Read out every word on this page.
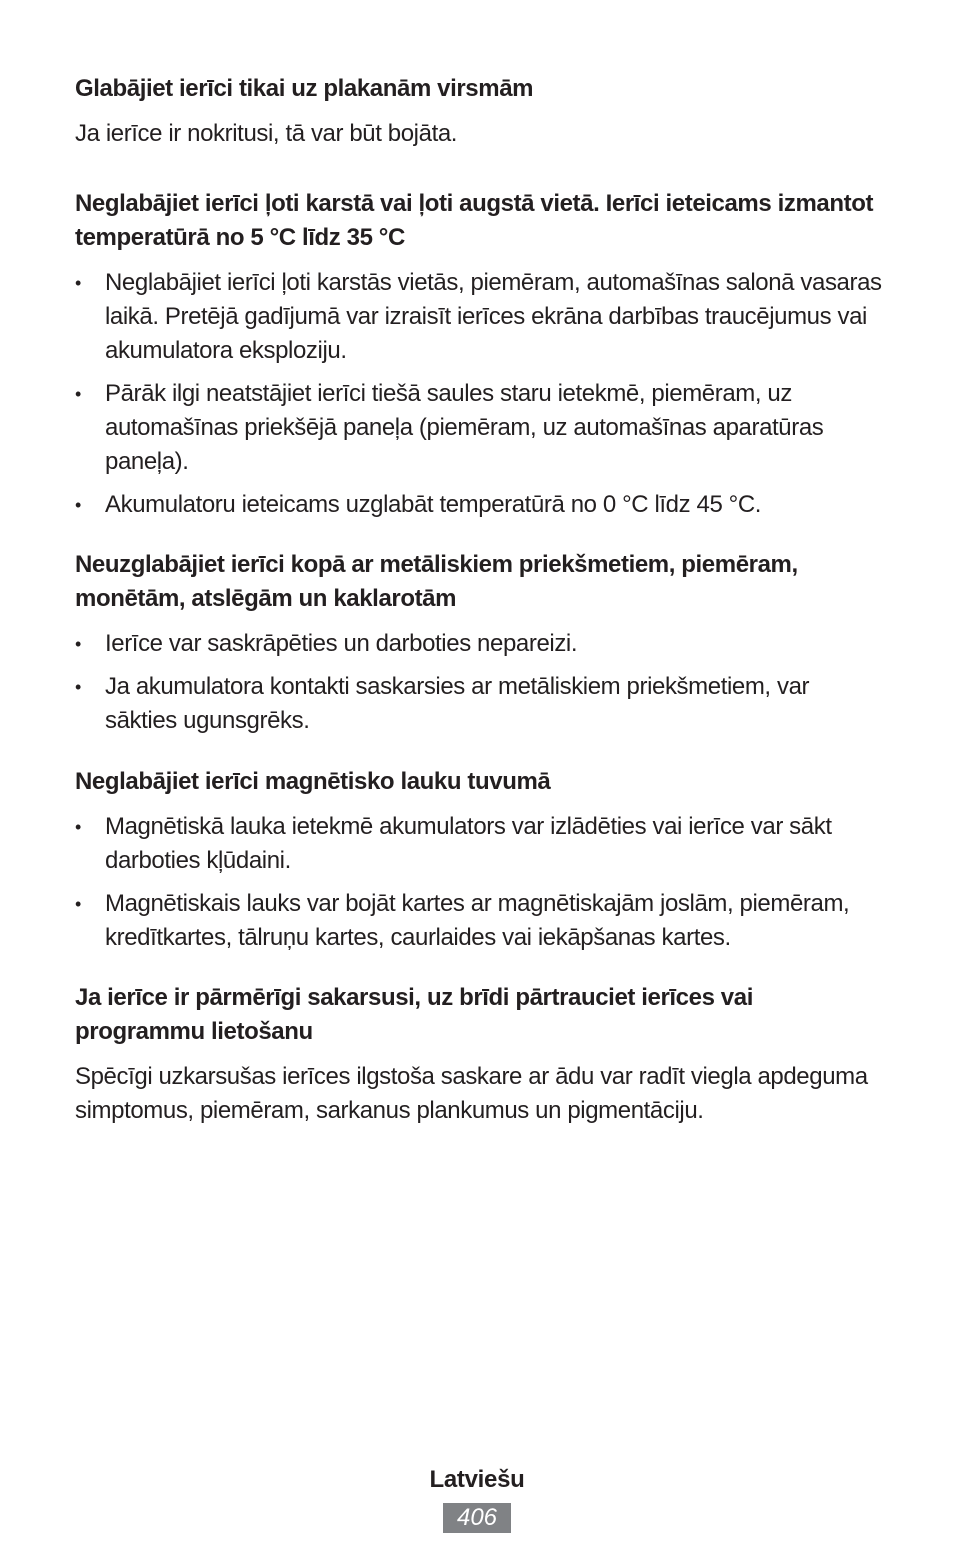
Glabājiet ierīci tikai uz plakanām virsmām

Ja ierīce ir nokritusi, tā var būt bojāta.

Neglabājiet ierīci ļoti karstā vai ļoti augstā vietā. Ierīci ieteicams izmantot temperatūrā no 5 °C līdz 35 °C

•	Neglabājiet ierīci ļoti karstās vietās, piemēram, automašīnas salonā vasaras laikā. Pretējā gadījumā var izraisīt ierīces ekrāna darbības traucējumus vai akumulatora eksploziju.
•	Pārāk ilgi neatstājiet ierīci tiešā saules staru ietekmē, piemēram, uz automašīnas priekšējā paneļa (piemēram, uz automašīnas aparatūras paneļa).
•	Akumulatoru ieteicams uzglabāt temperatūrā no 0 °C līdz 45 °C.

Neuzglabājiet ierīci kopā ar metāliskiem priekšmetiem, piemēram, monētām, atslēgām un kaklarotām

•	Ierīce var saskrāpēties un darboties nepareizi.
•	Ja akumulatora kontakti saskarsies ar metāliskiem priekšmetiem, var sākties ugunsgrēks.

Neglabājiet ierīci magnētisko lauku tuvumā

•	Magnētiskā lauka ietekmē akumulators var izlādēties vai ierīce var sākt darboties kļūdaini.
•	Magnētiskais lauks var bojāt kartes ar magnētiskajām joslām, piemēram, kredītkartes, tālruņu kartes, caurlaides vai iekāpšanas kartes.

Ja ierīce ir pārmērīgi sakarsusi, uz brīdi pārtrauciet ierīces vai programmu lietošanu

Spēcīgi uzkarsušas ierīces ilgstoša saskare ar ādu var radīt viegla apdeguma simptomus, piemēram, sarkanus plankumus un pigmentāciju.

Latviešu
406
